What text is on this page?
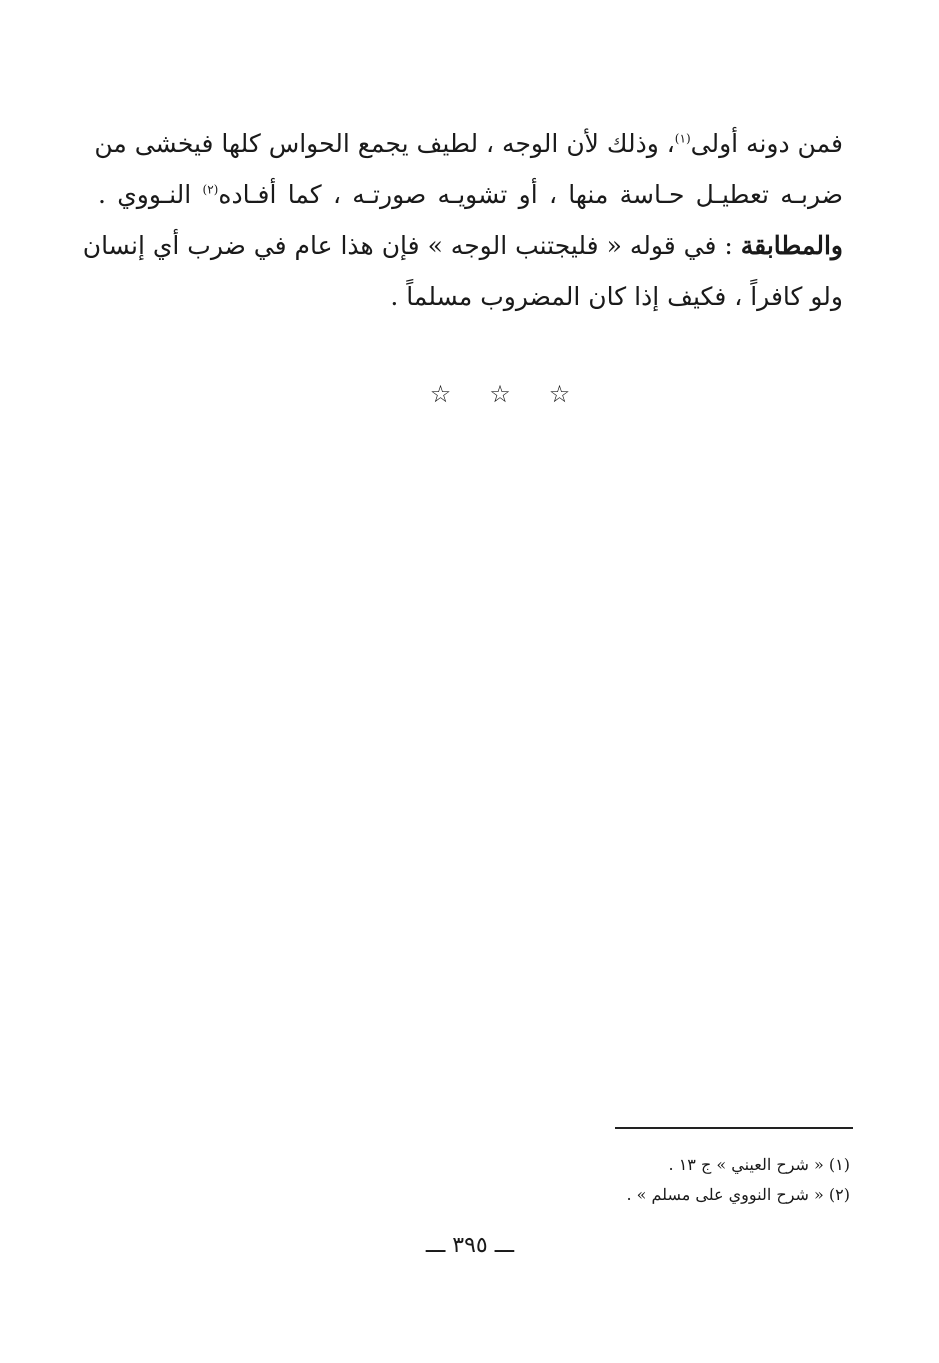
فمن دونه أولى$^{(١)}$، وذلك لأن الوجه ، لطيف يجمع الحواس كلها فيخشى من
ضربـه تعطيـل حـاسة منها ، أو تشويـه صورتـه ، كما أفـاده$^{(٢)}$ النـووي .
والمطابقة : في قوله « فليجتنب الوجه » فإن هذا عام في ضرب أي إنسان
ولو كافراً ، فكيف إذا كان المضروب مسلماً .
☆☆☆
(١) « شرح العيني » ج ١٣ .
(٢) « شرح النووي على مسلم » .
ـــ ٣٩٥ ـــ
